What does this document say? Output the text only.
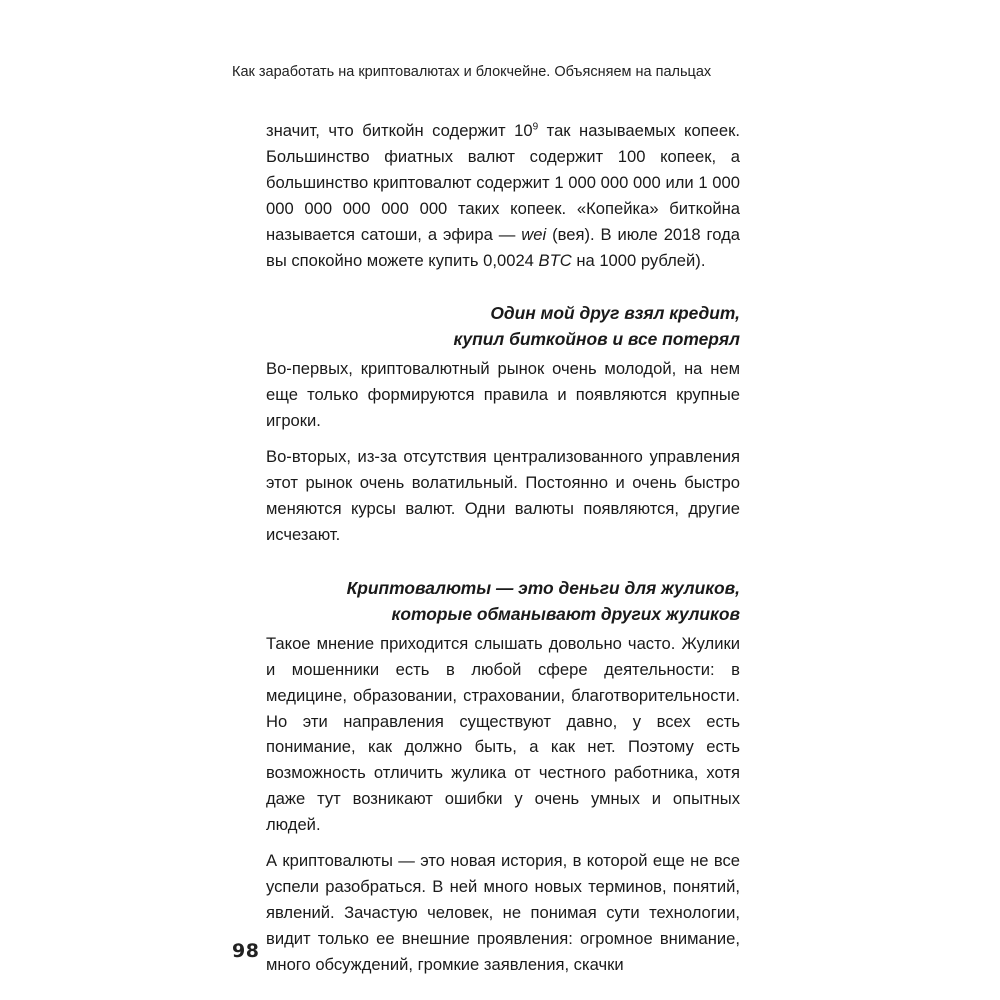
Как заработать на криптовалютах и блокчейне. Объясняем на пальцах

значит, что биткойн содержит $10^9$ так называемых копеек. Большинство фиатных валют содержит 100 копеек, а большинство криптовалют содержит 1 000 000 000 или 1 000 000 000 000 000 000 таких копеек. «Копейка» биткойна называется сатоши, а эфира — wei (вея). В июле 2018 года вы спокойно можете купить 0,0024 BTC на 1000 рублей).

Один мой друг взял кредит,
купил биткойнов и все потерял

Во-первых, криптовалютный рынок очень молодой, на нем еще только формируются правила и появляются крупные игроки.

Во-вторых, из-за отсутствия централизованного управления этот рынок очень волатильный. Постоянно и очень быстро меняются курсы валют. Одни валюты появляются, другие исчезают.

Криптовалюты — это деньги для жуликов,
которые обманывают других жуликов

Такое мнение приходится слышать довольно часто. Жулики и мошенники есть в любой сфере деятельности: в медицине, образовании, страховании, благотворительности. Но эти направления существуют давно, у всех есть понимание, как должно быть, а как нет. Поэтому есть возможность отличить жулика от честного работника, хотя даже тут возникают ошибки у очень умных и опытных людей.

А криптовалюты — это новая история, в которой еще не все успели разобраться. В ней много новых терминов, понятий, явлений. Зачастую человек, не понимая сути технологии, видит только ее внешние проявления: огромное внимание, много обсуждений, громкие заявления, скачки

98
